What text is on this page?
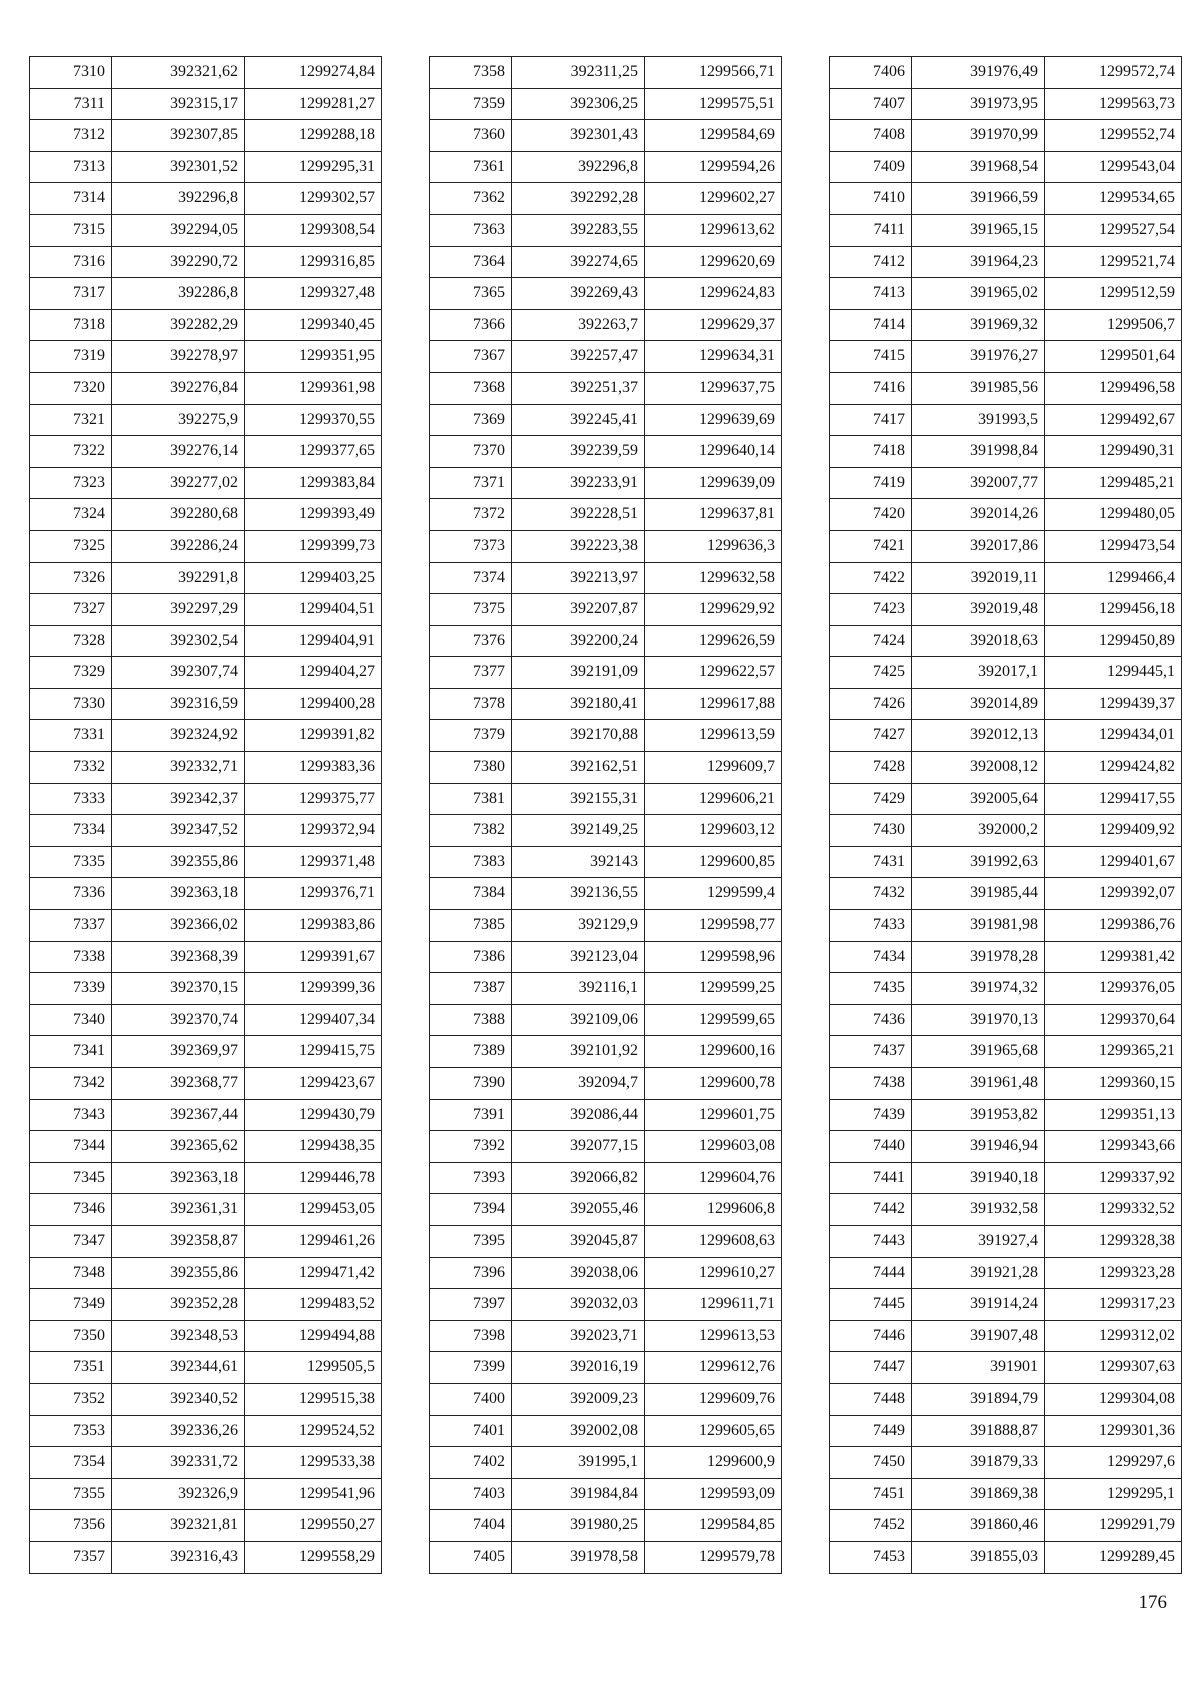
7310	392321,62	1299274,84
7311	392315,17	1299281,27
7312	392307,85	1299288,18
7313	392301,52	1299295,31
7314	392296,8	1299302,57
7315	392294,05	1299308,54
7316	392290,72	1299316,85
7317	392286,8	1299327,48
7318	392282,29	1299340,45
7319	392278,97	1299351,95
7320	392276,84	1299361,98
7321	392275,9	1299370,55
7322	392276,14	1299377,65
7323	392277,02	1299383,84
7324	392280,68	1299393,49
7325	392286,24	1299399,73
7326	392291,8	1299403,25
7327	392297,29	1299404,51
7328	392302,54	1299404,91
7329	392307,74	1299404,27
7330	392316,59	1299400,28
7331	392324,92	1299391,82
7332	392332,71	1299383,36
7333	392342,37	1299375,77
7334	392347,52	1299372,94
7335	392355,86	1299371,48
7336	392363,18	1299376,71
7337	392366,02	1299383,86
7338	392368,39	1299391,67
7339	392370,15	1299399,36
7340	392370,74	1299407,34
7341	392369,97	1299415,75
7342	392368,77	1299423,67
7343	392367,44	1299430,79
7344	392365,62	1299438,35
7345	392363,18	1299446,78
7346	392361,31	1299453,05
7347	392358,87	1299461,26
7348	392355,86	1299471,42
7349	392352,28	1299483,52
7350	392348,53	1299494,88
7351	392344,61	1299505,5
7352	392340,52	1299515,38
7353	392336,26	1299524,52
7354	392331,72	1299533,38
7355	392326,9	1299541,96
7356	392321,81	1299550,27
7357	392316,43	1299558,29
7358	392311,25	1299566,71
7359	392306,25	1299575,51
7360	392301,43	1299584,69
7361	392296,8	1299594,26
7362	392292,28	1299602,27
7363	392283,55	1299613,62
7364	392274,65	1299620,69
7365	392269,43	1299624,83
7366	392263,7	1299629,37
7367	392257,47	1299634,31
7368	392251,37	1299637,75
7369	392245,41	1299639,69
7370	392239,59	1299640,14
7371	392233,91	1299639,09
7372	392228,51	1299637,81
7373	392223,38	1299636,3
7374	392213,97	1299632,58
7375	392207,87	1299629,92
7376	392200,24	1299626,59
7377	392191,09	1299622,57
7378	392180,41	1299617,88
7379	392170,88	1299613,59
7380	392162,51	1299609,7
7381	392155,31	1299606,21
7382	392149,25	1299603,12
7383	392143	1299600,85
7384	392136,55	1299599,4
7385	392129,9	1299598,77
7386	392123,04	1299598,96
7387	392116,1	1299599,25
7388	392109,06	1299599,65
7389	392101,92	1299600,16
7390	392094,7	1299600,78
7391	392086,44	1299601,75
7392	392077,15	1299603,08
7393	392066,82	1299604,76
7394	392055,46	1299606,8
7395	392045,87	1299608,63
7396	392038,06	1299610,27
7397	392032,03	1299611,71
7398	392023,71	1299613,53
7399	392016,19	1299612,76
7400	392009,23	1299609,76
7401	392002,08	1299605,65
7402	391995,1	1299600,9
7403	391984,84	1299593,09
7404	391980,25	1299584,85
7405	391978,58	1299579,78
7406	391976,49	1299572,74
7407	391973,95	1299563,73
7408	391970,99	1299552,74
7409	391968,54	1299543,04
7410	391966,59	1299534,65
7411	391965,15	1299527,54
7412	391964,23	1299521,74
7413	391965,02	1299512,59
7414	391969,32	1299506,7
7415	391976,27	1299501,64
7416	391985,56	1299496,58
7417	391993,5	1299492,67
7418	391998,84	1299490,31
7419	392007,77	1299485,21
7420	392014,26	1299480,05
7421	392017,86	1299473,54
7422	392019,11	1299466,4
7423	392019,48	1299456,18
7424	392018,63	1299450,89
7425	392017,1	1299445,1
7426	392014,89	1299439,37
7427	392012,13	1299434,01
7428	392008,12	1299424,82
7429	392005,64	1299417,55
7430	392000,2	1299409,92
7431	391992,63	1299401,67
7432	391985,44	1299392,07
7433	391981,98	1299386,76
7434	391978,28	1299381,42
7435	391974,32	1299376,05
7436	391970,13	1299370,64
7437	391965,68	1299365,21
7438	391961,48	1299360,15
7439	391953,82	1299351,13
7440	391946,94	1299343,66
7441	391940,18	1299337,92
7442	391932,58	1299332,52
7443	391927,4	1299328,38
7444	391921,28	1299323,28
7445	391914,24	1299317,23
7446	391907,48	1299312,02
7447	391901	1299307,63
7448	391894,79	1299304,08
7449	391888,87	1299301,36
7450	391879,33	1299297,6
7451	391869,38	1299295,1
7452	391860,46	1299291,79
7453	391855,03	1299289,45
176
